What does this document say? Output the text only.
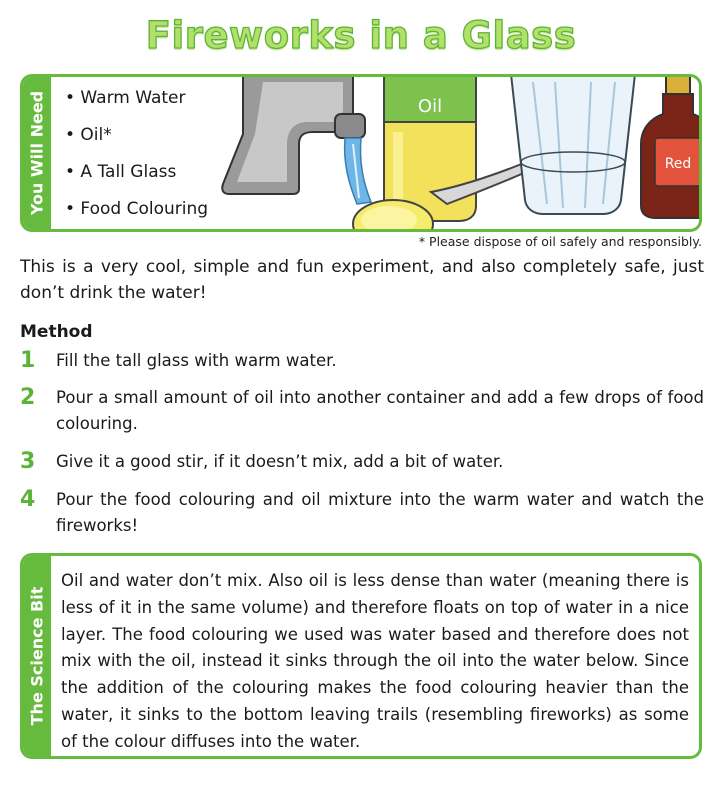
Fireworks in a Glass
You Will Need • Warm Water
• Oil*
• A Tall Glass
• Food Colouring
Oil
Red
* Please dispose of oil safely and responsibly.
This is a very cool, simple and fun experiment, and also completely safe, just don’t drink the water!
Method
1 Fill the tall glass with warm water.
2 Pour a small amount of oil into another container and add a few drops of food colouring.
3 Give it a good stir, if it doesn’t mix, add a bit of water.
4 Pour the food colouring and oil mixture into the warm water and watch the fireworks!
The Science Bit
Oil and water don’t mix. Also oil is less dense than water (meaning there is less of it in the same volume) and therefore floats on top of water in a nice layer. The food colouring we used was water based and therefore does not mix with the oil, instead it sinks through the oil into the water below. Since the addition of the colouring makes the food colouring heavier than the water, it sinks to the bottom leaving trails (resembling fireworks) as some of the colour diffuses into the water.
